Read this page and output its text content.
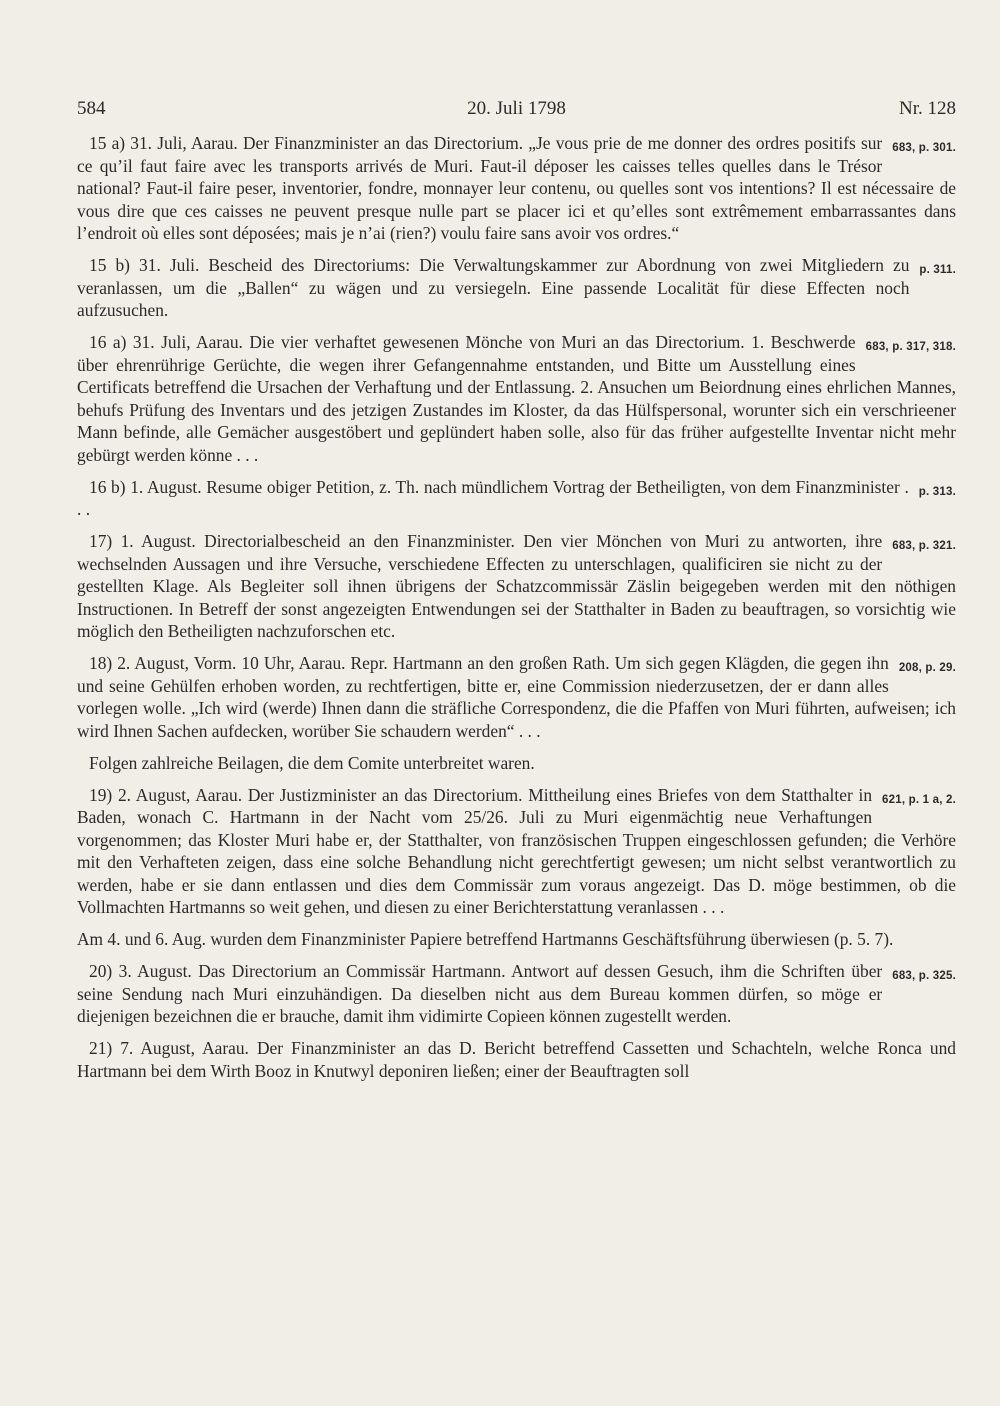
584	20. Juli 1798	Nr. 128

683, p. 301.
15 a) 31. Juli, Aarau. Der Finanzminister an das Directorium. „Je vous prie de me donner des ordres positifs sur ce qu’il faut faire avec les transports arrivés de Muri. Faut-il déposer les caisses telles quelles dans le Trésor national? Faut-il faire peser, inventorier, fondre, monnayer leur contenu, ou quelles sont vos intentions? Il est nécessaire de vous dire que ces caisses ne peuvent presque nulle part se placer ici et qu’elles sont extrêmement embarrassantes dans l’endroit où elles sont déposées; mais je n’ai (rien?) voulu faire sans avoir vos ordres.“

p. 311.
15 b) 31. Juli. Bescheid des Directoriums: Die Verwaltungskammer zur Abordnung von zwei Mitgliedern zu veranlassen, um die „Ballen“ zu wägen und zu versiegeln. Eine passende Localität für diese Effecten noch aufzusuchen.

683, p. 317, 318.
16 a) 31. Juli, Aarau. Die vier verhaftet gewesenen Mönche von Muri an das Directorium. 1. Beschwerde über ehrenrührige Gerüchte, die wegen ihrer Gefangennahme entstanden, und Bitte um Ausstellung eines Certificats betreffend die Ursachen der Verhaftung und der Entlassung. 2. Ansuchen um Beiordnung eines ehrlichen Mannes, behufs Prüfung des Inventars und des jetzigen Zustandes im Kloster, da das Hülfspersonal, worunter sich ein verschrieener Mann befinde, alle Gemächer ausgestöbert und geplündert haben solle, also für das früher aufgestellte Inventar nicht mehr gebürgt werden könne . . .

p. 313.
16 b) 1. August. Resume obiger Petition, z. Th. nach mündlichem Vortrag der Betheiligten, von dem Finanzminister . . .

683, p. 321.
17) 1. August. Directorialbescheid an den Finanzminister. Den vier Mönchen von Muri zu antworten, ihre wechselnden Aussagen und ihre Versuche, verschiedene Effecten zu unterschlagen, qualificiren sie nicht zu der gestellten Klage. Als Begleiter soll ihnen übrigens der Schatzcommissär Zäslin beigegeben werden mit den nöthigen Instructionen. In Betreff der sonst angezeigten Entwendungen sei der Statthalter in Baden zu beauftragen, so vorsichtig wie möglich den Betheiligten nachzuforschen etc.

208, p. 29.
18) 2. August, Vorm. 10 Uhr, Aarau. Repr. Hartmann an den großen Rath. Um sich gegen Klägden, die gegen ihn und seine Gehülfen erhoben worden, zu rechtfertigen, bitte er, eine Commission niederzusetzen, der er dann alles vorlegen wolle. „Ich wird (werde) Ihnen dann die sträfliche Correspondenz, die die Pfaffen von Muri führten, aufweisen; ich wird Ihnen Sachen aufdecken, worüber Sie schaudern werden“ . . .

Folgen zahlreiche Beilagen, die dem Comite unterbreitet waren.

621, p. 1 a, 2.
19) 2. August, Aarau. Der Justizminister an das Directorium. Mittheilung eines Briefes von dem Statthalter in Baden, wonach C. Hartmann in der Nacht vom 25/26. Juli zu Muri eigenmächtig neue Verhaftungen vorgenommen; das Kloster Muri habe er, der Statthalter, von französischen Truppen eingeschlossen gefunden; die Verhöre mit den Verhafteten zeigen, dass eine solche Behandlung nicht gerechtfertigt gewesen; um nicht selbst verantwortlich zu werden, habe er sie dann entlassen und dies dem Commissär zum voraus angezeigt. Das D. möge bestimmen, ob die Vollmachten Hartmanns so weit gehen, und diesen zu einer Berichterstattung veranlassen . . .

Am 4. und 6. Aug. wurden dem Finanzminister Papiere betreffend Hartmanns Geschäftsführung überwiesen (p. 5. 7).

683, p. 325.
20) 3. August. Das Directorium an Commissär Hartmann. Antwort auf dessen Gesuch, ihm die Schriften über seine Sendung nach Muri einzuhändigen. Da dieselben nicht aus dem Bureau kommen dürfen, so möge er diejenigen bezeichnen die er brauche, damit ihm vidimirte Copieen können zugestellt werden.

21) 7. August, Aarau. Der Finanzminister an das D. Bericht betreffend Cassetten und Schachteln, welche Ronca und Hartmann bei dem Wirth Booz in Knutwyl deponiren ließen; einer der Beauftragten soll
